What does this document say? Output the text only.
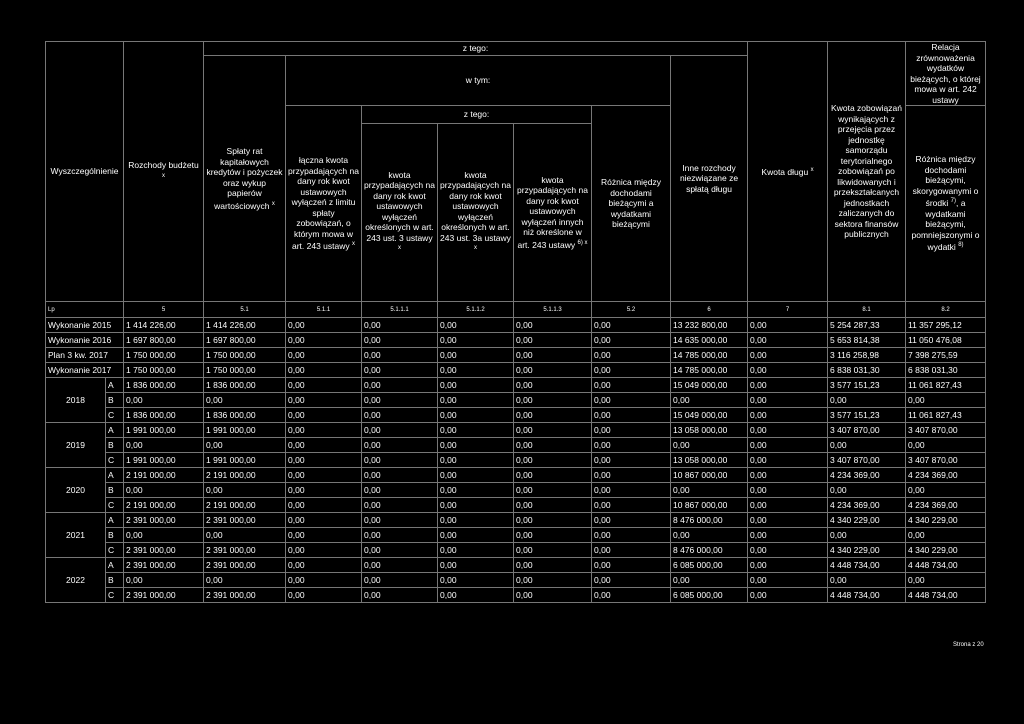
Wyszczególnienie		Rozchody budżetu $^x$	z tego:							Kwota długu $^x$	Kwota zobowiązań wynikających z przejęcia przez jednostkę samorządu terytorialnego zobowiązań po likwidowanych i przekształcanych jednostkach zaliczanych do sektora finansów publicznych	Relacja zrównoważenia wydatków bieżących, o której mowa w art. 242 ustawy
			Spłaty rat kapitałowych kredytów i pożyczek oraz wykup papierów wartościowych $^x$	w tym:					Inne rozchody niezwiązane ze spłatą długu			
				łączna kwota przypadających na dany rok kwot ustawowych wyłączeń z limitu spłaty zobowiązań, o którym mowa w art. 243 ustawy $^x$	z tego:			Różnica między dochodami bieżącymi a wydatkami bieżącymi				Różnica między dochodami bieżącymi, skorygowanymi o środki $^{7)}$, a wydatkami bieżącymi, pomniejszonymi o wydatki $^{8)}$
					kwota przypadających na dany rok kwot ustawowych wyłączeń określonych w art. 243 ust. 3 ustawy $^x$	kwota przypadających na dany rok kwot ustawowych wyłączeń określonych w art. 243 ust. 3a ustawy $^x$	kwota przypadających na dany rok kwot ustawowych wyłączeń innych niż określone w art. 243 ustawy $^{6) x}$
Lp		5	5.1	5.1.1	5.1.1.1	5.1.1.2	5.1.1.3	5.2	6	7	8.1	8.2
Wykonanie 2015		1 414 226,00	1 414 226,00	0,00	0,00	0,00	0,00	0,00	13 232 800,00	0,00	5 254 287,33	11 357 295,12
Wykonanie 2016		1 697 800,00	1 697 800,00	0,00	0,00	0,00	0,00	0,00	14 635 000,00	0,00	5 653 814,38	11 050 476,08
Plan 3 kw. 2017		1 750 000,00	1 750 000,00	0,00	0,00	0,00	0,00	0,00	14 785 000,00	0,00	3 116 258,98	7 398 275,59
Wykonanie 2017		1 750 000,00	1 750 000,00	0,00	0,00	0,00	0,00	0,00	14 785 000,00	0,00	6 838 031,30	6 838 031,30
2018	A	1 836 000,00	1 836 000,00	0,00	0,00	0,00	0,00	0,00	15 049 000,00	0,00	3 577 151,23	11 061 827,43
	B	0,00	0,00	0,00	0,00	0,00	0,00	0,00	0,00	0,00	0,00	0,00
	C	1 836 000,00	1 836 000,00	0,00	0,00	0,00	0,00	0,00	15 049 000,00	0,00	3 577 151,23	11 061 827,43
2019	A	1 991 000,00	1 991 000,00	0,00	0,00	0,00	0,00	0,00	13 058 000,00	0,00	3 407 870,00	3 407 870,00
	B	0,00	0,00	0,00	0,00	0,00	0,00	0,00	0,00	0,00	0,00	0,00
	C	1 991 000,00	1 991 000,00	0,00	0,00	0,00	0,00	0,00	13 058 000,00	0,00	3 407 870,00	3 407 870,00
2020	A	2 191 000,00	2 191 000,00	0,00	0,00	0,00	0,00	0,00	10 867 000,00	0,00	4 234 369,00	4 234 369,00
	B	0,00	0,00	0,00	0,00	0,00	0,00	0,00	0,00	0,00	0,00	0,00
	C	2 191 000,00	2 191 000,00	0,00	0,00	0,00	0,00	0,00	10 867 000,00	0,00	4 234 369,00	4 234 369,00
2021	A	2 391 000,00	2 391 000,00	0,00	0,00	0,00	0,00	0,00	8 476 000,00	0,00	4 340 229,00	4 340 229,00
	B	0,00	0,00	0,00	0,00	0,00	0,00	0,00	0,00	0,00	0,00	0,00
	C	2 391 000,00	2 391 000,00	0,00	0,00	0,00	0,00	0,00	8 476 000,00	0,00	4 340 229,00	4 340 229,00
2022	A	2 391 000,00	2 391 000,00	0,00	0,00	0,00	0,00	0,00	6 085 000,00	0,00	4 448 734,00	4 448 734,00
	B	0,00	0,00	0,00	0,00	0,00	0,00	0,00	0,00	0,00	0,00	0,00
	C	2 391 000,00	2 391 000,00	0,00	0,00	0,00	0,00	0,00	6 085 000,00	0,00	4 448 734,00	4 448 734,00
Strona z 20
